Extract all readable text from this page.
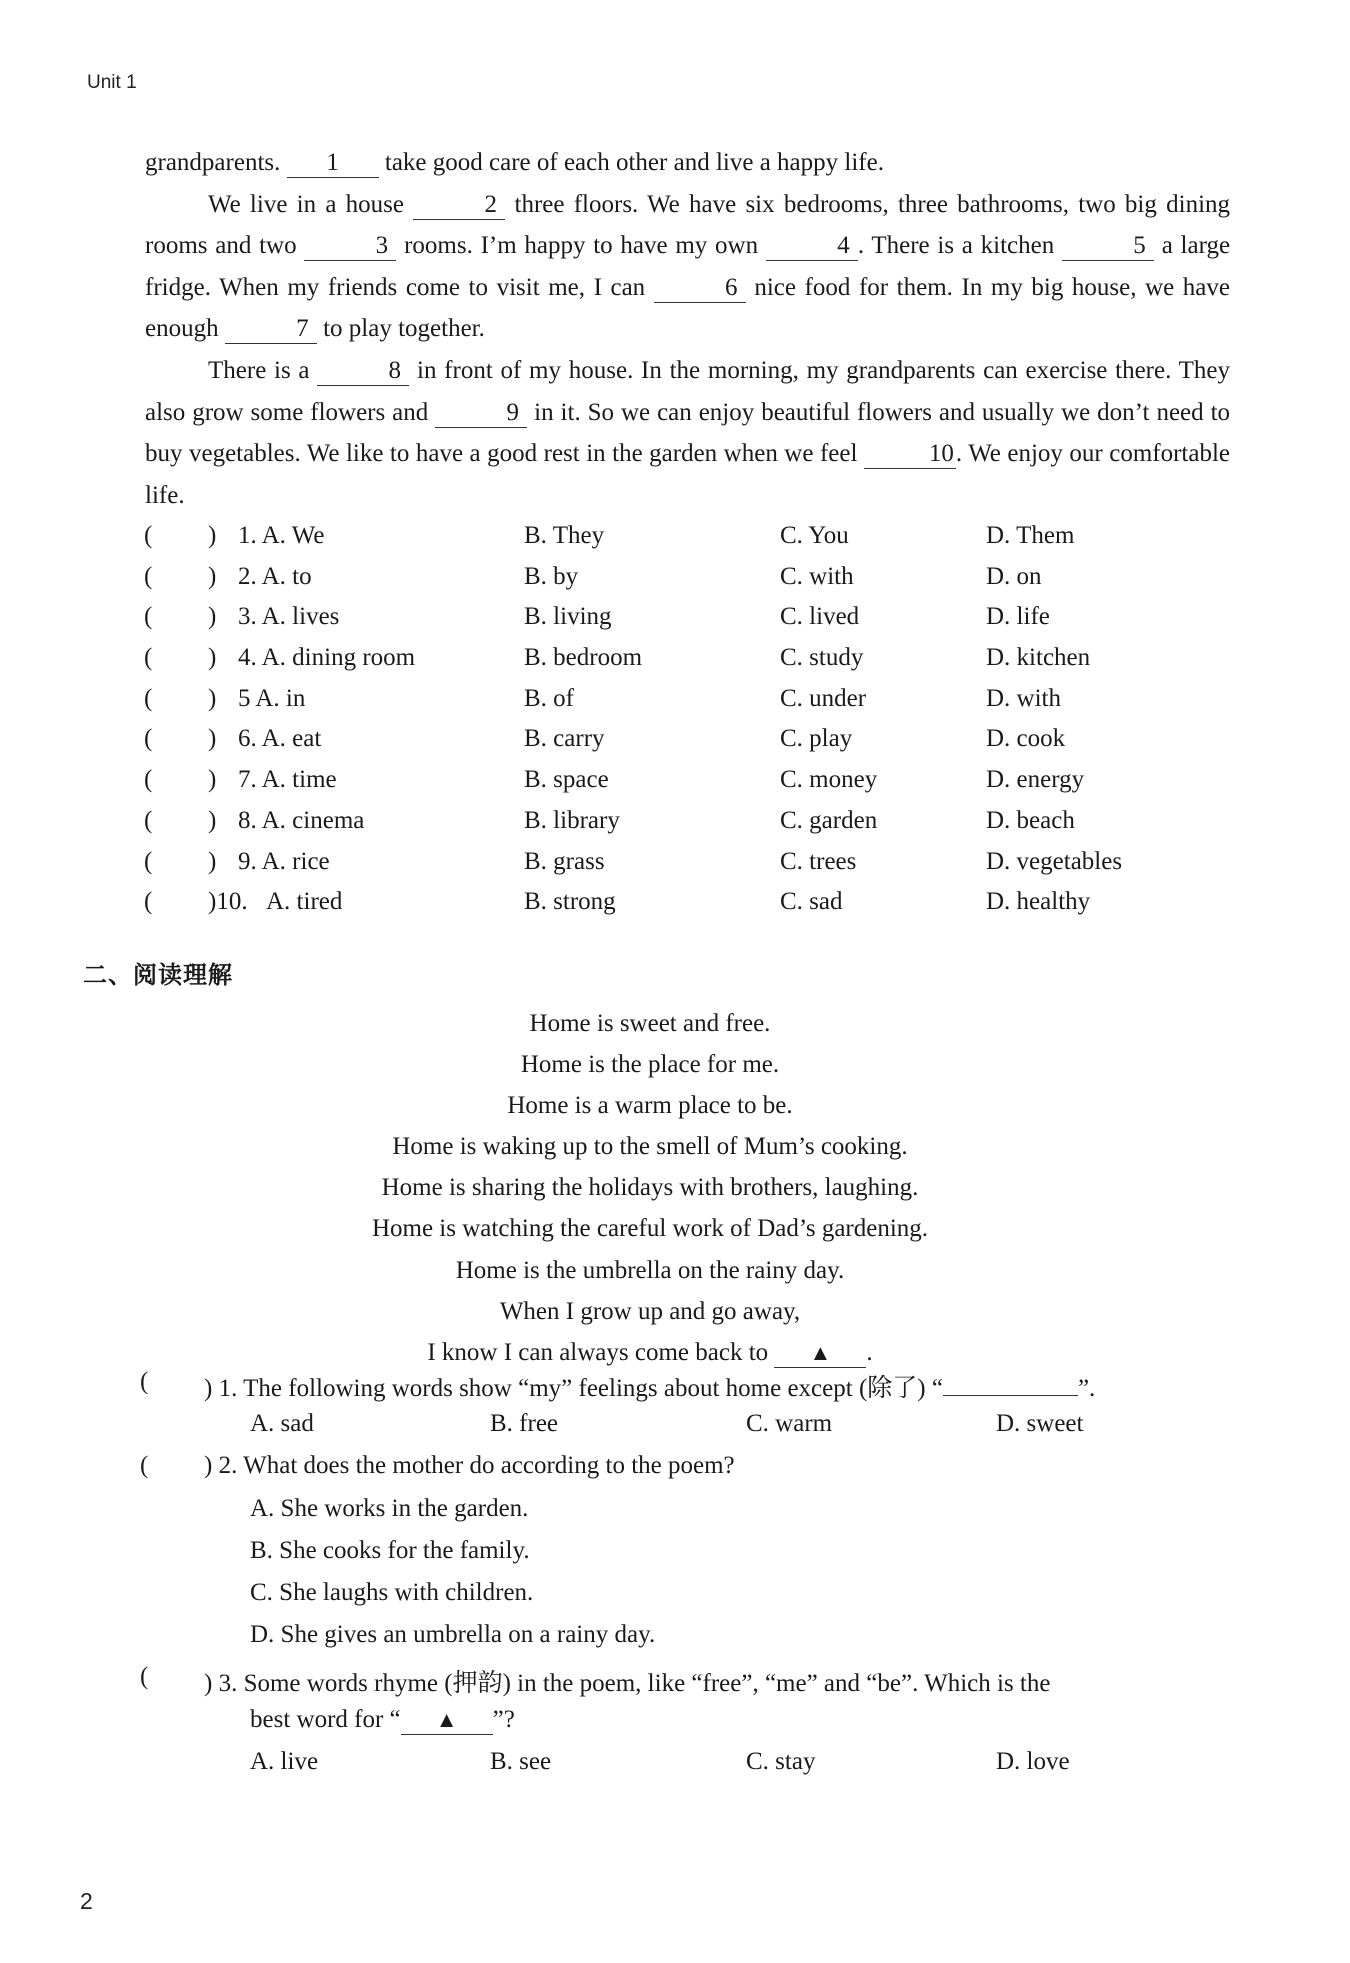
Unit 1

grandparents. 1 take good care of each other and live a happy life.

We live in a house	2 three floors. We have six bedrooms, three bathrooms, two big dining rooms and two	3 rooms. I’m happy to have my own	4 . There is a kitchen	5 a large fridge. When my friends come to visit me, I can	6 nice food for them. In my big house, we have enough	7 to play together.

There is a	8 in front of my house. In the morning, my grandparents can exercise there. They also grow some flowers and	9 in it. So we can enjoy beautiful flowers and usually we don’t need to buy vegetables. We like to have a good rest in the garden when we feel	10. We enjoy our comfortable life.

( ) 1. A. We	B. They	C. You	D. Them
( ) 2. A. to	B. by	C. with	D. on
( ) 3. A. lives	B. living	C. lived	D. life
( ) 4. A. dining room	B. bedroom	C. study	D. kitchen
( ) 5 A. in	B. of	C. under	D. with
( ) 6. A. eat	B. carry	C. play	D. cook
( ) 7. A. time	B. space	C. money	D. energy
( ) 8. A. cinema	B. library	C. garden	D. beach
( ) 9. A. rice	B. grass	C. trees	D. vegetables
( )10. A. tired	B. strong	C. sad	D. healthy
二、阅读理解
Home is sweet and free.
Home is the place for me.
Home is a warm place to be.
Home is waking up to the smell of Mum’s cooking.
Home is sharing the holidays with brothers, laughing.
Home is watching the careful work of Dad’s gardening.
Home is the umbrella on the rainy day.
When I grow up and go away,
I know I can always come back to ▲ .
( ) 1. The following words show “my” feelings about home except (除了) “	”.
A. sad	B. free	C. warm	D. sweet
( ) 2. What does the mother do according to the poem?
A. She works in the garden.
B. She cooks for the family.
C. She laughs with children.
D. She gives an umbrella on a rainy day.
( ) 3. Some words rhyme (押韵) in the poem, like “free”, “me” and “be”. Which is the
best word for “ ▲ ”?
A. live	B. see	C. stay	D. love
2
